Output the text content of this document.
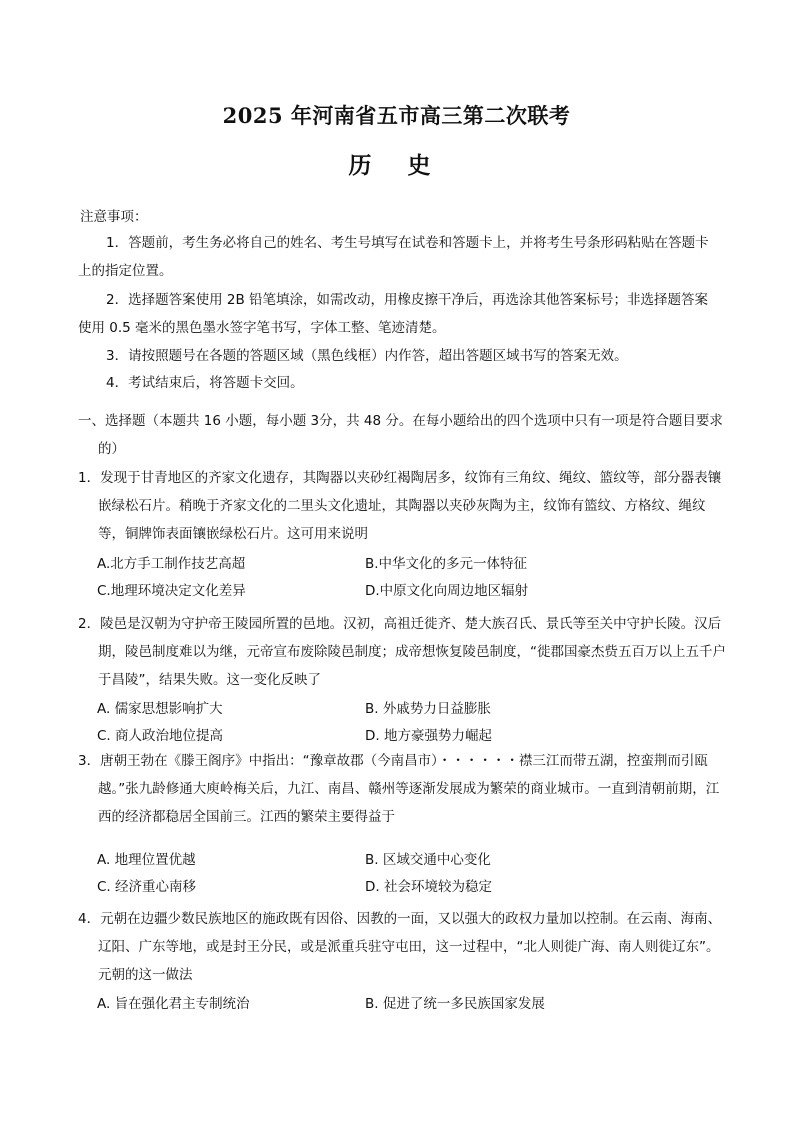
2025 年河南省五市高三第二次联考
历 史
注意事项：
1．答题前，考生务必将自己的姓名、考生号填写在试卷和答题卡上，并将考生号条形码粘贴在答题卡上的指定位置。
2．选择题答案使用 2B 铅笔填涂，如需改动，用橡皮擦干净后，再选涂其他答案标号；非选择题答案使用 0.5 毫米的黑色墨水签字笔书写，字体工整、笔迹清楚。
3．请按照题号在各题的答题区域（黑色线框）内作答，超出答题区域书写的答案无效。
4．考试结束后，将答题卡交回。
一、选择题（本题共 16 小题，每小题 3分，共 48 分。在每小题给出的四个选项中只有一项是符合题目要求的）
1．发现于甘青地区的齐家文化遗存，其陶器以夹砂红褐陶居多，纹饰有三角纹、绳纹、篮纹等，部分器表镶嵌绿松石片。稍晚于齐家文化的二里头文化遗址，其陶器以夹砂灰陶为主，纹饰有篮纹、方格纹、绳纹等，铜牌饰表面镶嵌绿松石片。这可用来说明
A.北方手工制作技艺高超	B.中华文化的多元一体特征
C.地理环境决定文化差异	D.中原文化向周边地区辐射
2．陵邑是汉朝为守护帝王陵园所置的邑地。汉初，高祖迁徙齐、楚大族召氏、景氏等至关中守护长陵。汉后期，陵邑制度难以为继，元帝宣布废除陵邑制度；成帝想恢复陵邑制度，“徙郡国豪杰赀五百万以上五千户于昌陵”，结果失败。这一变化反映了
A. 儒家思想影响扩大	B. 外戚势力日益膨胀
C. 商人政治地位提高	D. 地方豪强势力崛起
3．唐朝王勃在《滕王阁序》中指出：“豫章故郡（今南昌市）・・・・・・襟三江而带五湖，控蛮荆而引瓯越。”张九龄修通大庾岭梅关后，九江、南昌、赣州等逐渐发展成为繁荣的商业城市。一直到清朝前期，江西的经济都稳居全国前三。江西的繁荣主要得益于
A. 地理位置优越	B. 区域交通中心变化
C. 经济重心南移	D. 社会环境较为稳定
4．元朝在边疆少数民族地区的施政既有因俗、因教的一面，又以强大的政权力量加以控制。在云南、海南、辽阳、广东等地，或是封王分民，或是派重兵驻守屯田，这一过程中，“北人则徙广海、南人则徙辽东”。元朝的这一做法
A. 旨在强化君主专制统治	B. 促进了统一多民族国家发展
